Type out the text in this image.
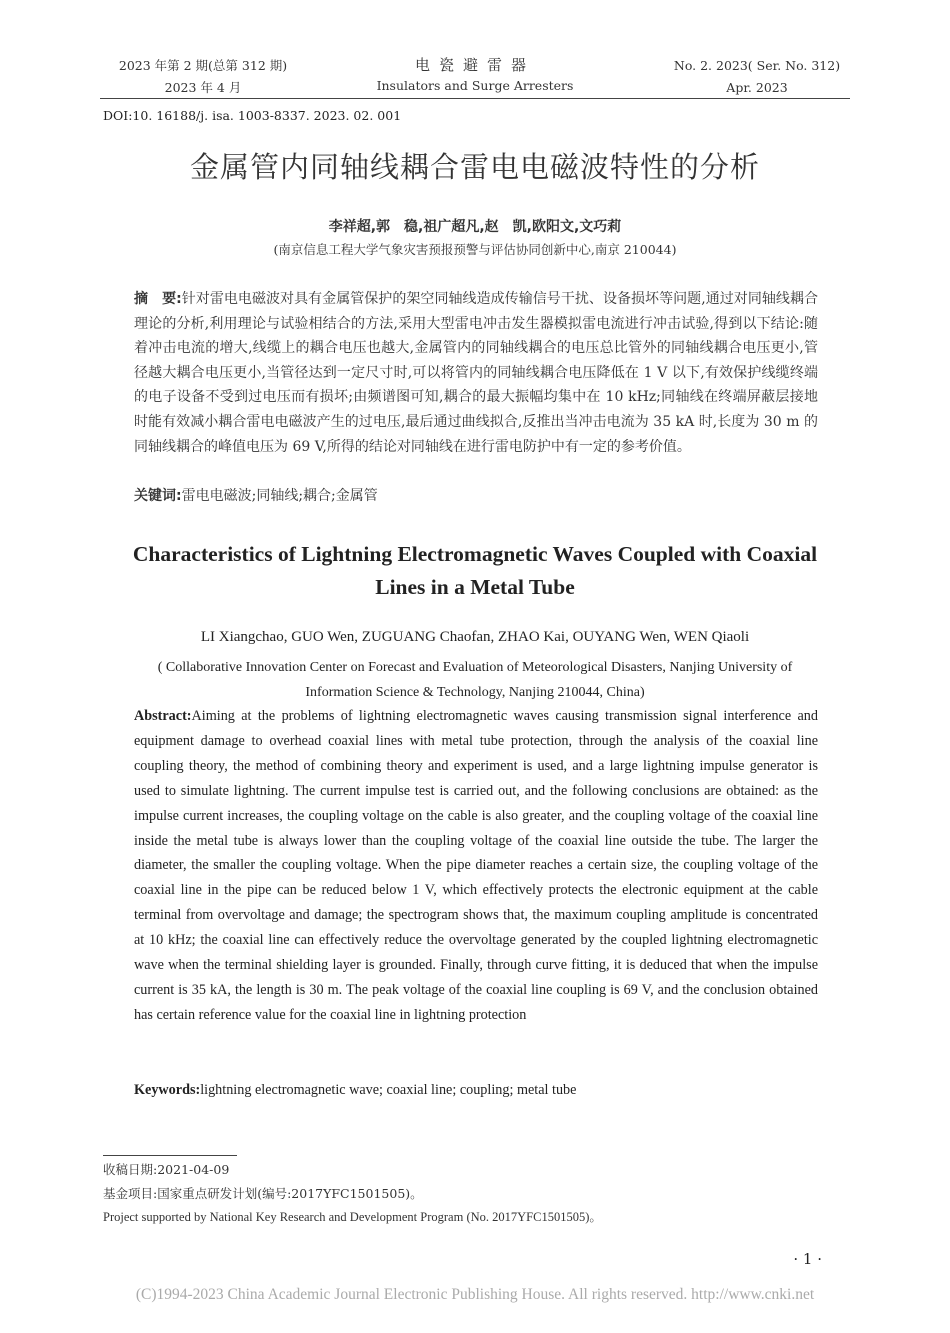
2023 年第 2 期(总第 312 期)
2023 年 4 月
电瓷避雷器
Insulators and Surge Arresters
No. 2. 2023( Ser. No. 312)
Apr. 2023
DOI:10. 16188/j. isa. 1003-8337. 2023. 02. 001
金属管内同轴线耦合雷电电磁波特性的分析
李祥超,郭　稳,祖广超凡,赵　凯,欧阳文,文巧莉
(南京信息工程大学气象灾害预报预警与评估协同创新中心,南京 210044)
摘　要:针对雷电电磁波对具有金属管保护的架空同轴线造成传输信号干扰、设备损坏等问题,通过对同轴线耦合理论的分析,利用理论与试验相结合的方法,采用大型雷电冲击发生器模拟雷电流进行冲击试验,得到以下结论:随着冲击电流的增大,线缆上的耦合电压也越大,金属管内的同轴线耦合的电压总比管外的同轴线耦合电压更小,管径越大耦合电压更小,当管径达到一定尺寸时,可以将管内的同轴线耦合电压降低在 1 V 以下,有效保护线缆终端的电子设备不受到过电压而有损坏;由频谱图可知,耦合的最大振幅均集中在 10 kHz;同轴线在终端屏蔽层接地时能有效减小耦合雷电电磁波产生的过电压,最后通过曲线拟合,反推出当冲击电流为 35 kA 时,长度为 30 m 的同轴线耦合的峰值电压为 69 V,所得的结论对同轴线在进行雷电防护中有一定的参考价值。
关键词:雷电电磁波;同轴线;耦合;金属管
Characteristics of Lightning Electromagnetic Waves Coupled with Coaxial Lines in a Metal Tube
LI Xiangchao, GUO Wen, ZUGUANG Chaofan, ZHAO Kai, OUYANG Wen, WEN Qiaoli
( Collaborative Innovation Center on Forecast and Evaluation of Meteorological Disasters, Nanjing University of Information Science & Technology, Nanjing 210044, China)
Abstract:Aiming at the problems of lightning electromagnetic waves causing transmission signal interference and equipment damage to overhead coaxial lines with metal tube protection, through the analysis of the coaxial line coupling theory, the method of combining theory and experiment is used, and a large lightning impulse generator is used to simulate lightning. The current impulse test is carried out, and the following conclusions are obtained: as the impulse current increases, the coupling voltage on the cable is also greater, and the coupling voltage of the coaxial line inside the metal tube is always lower than the coupling voltage of the coaxial line outside the tube. The larger the diameter, the smaller the coupling voltage. When the pipe diameter reaches a certain size, the coupling voltage of the coaxial line in the pipe can be reduced below 1 V, which effectively protects the electronic equipment at the cable terminal from overvoltage and damage; the spectrogram shows that, the maximum coupling amplitude is concentrated at 10 kHz; the coaxial line can effectively reduce the overvoltage generated by the coupled lightning electromagnetic wave when the terminal shielding layer is grounded. Finally, through curve fitting, it is deduced that when the impulse current is 35 kA, the length is 30 m. The peak voltage of the coaxial line coupling is 69 V, and the conclusion obtained has certain reference value for the coaxial line in lightning protection
Keywords:lightning electromagnetic wave; coaxial line; coupling; metal tube
收稿日期:2021-04-09
基金项目:国家重点研发计划(编号:2017YFC1501505)。
Project supported by National Key Research and Development Program (No. 2017YFC1501505)。
· 1 ·
(C)1994-2023 China Academic Journal Electronic Publishing House. All rights reserved. http://www.cnki.net
